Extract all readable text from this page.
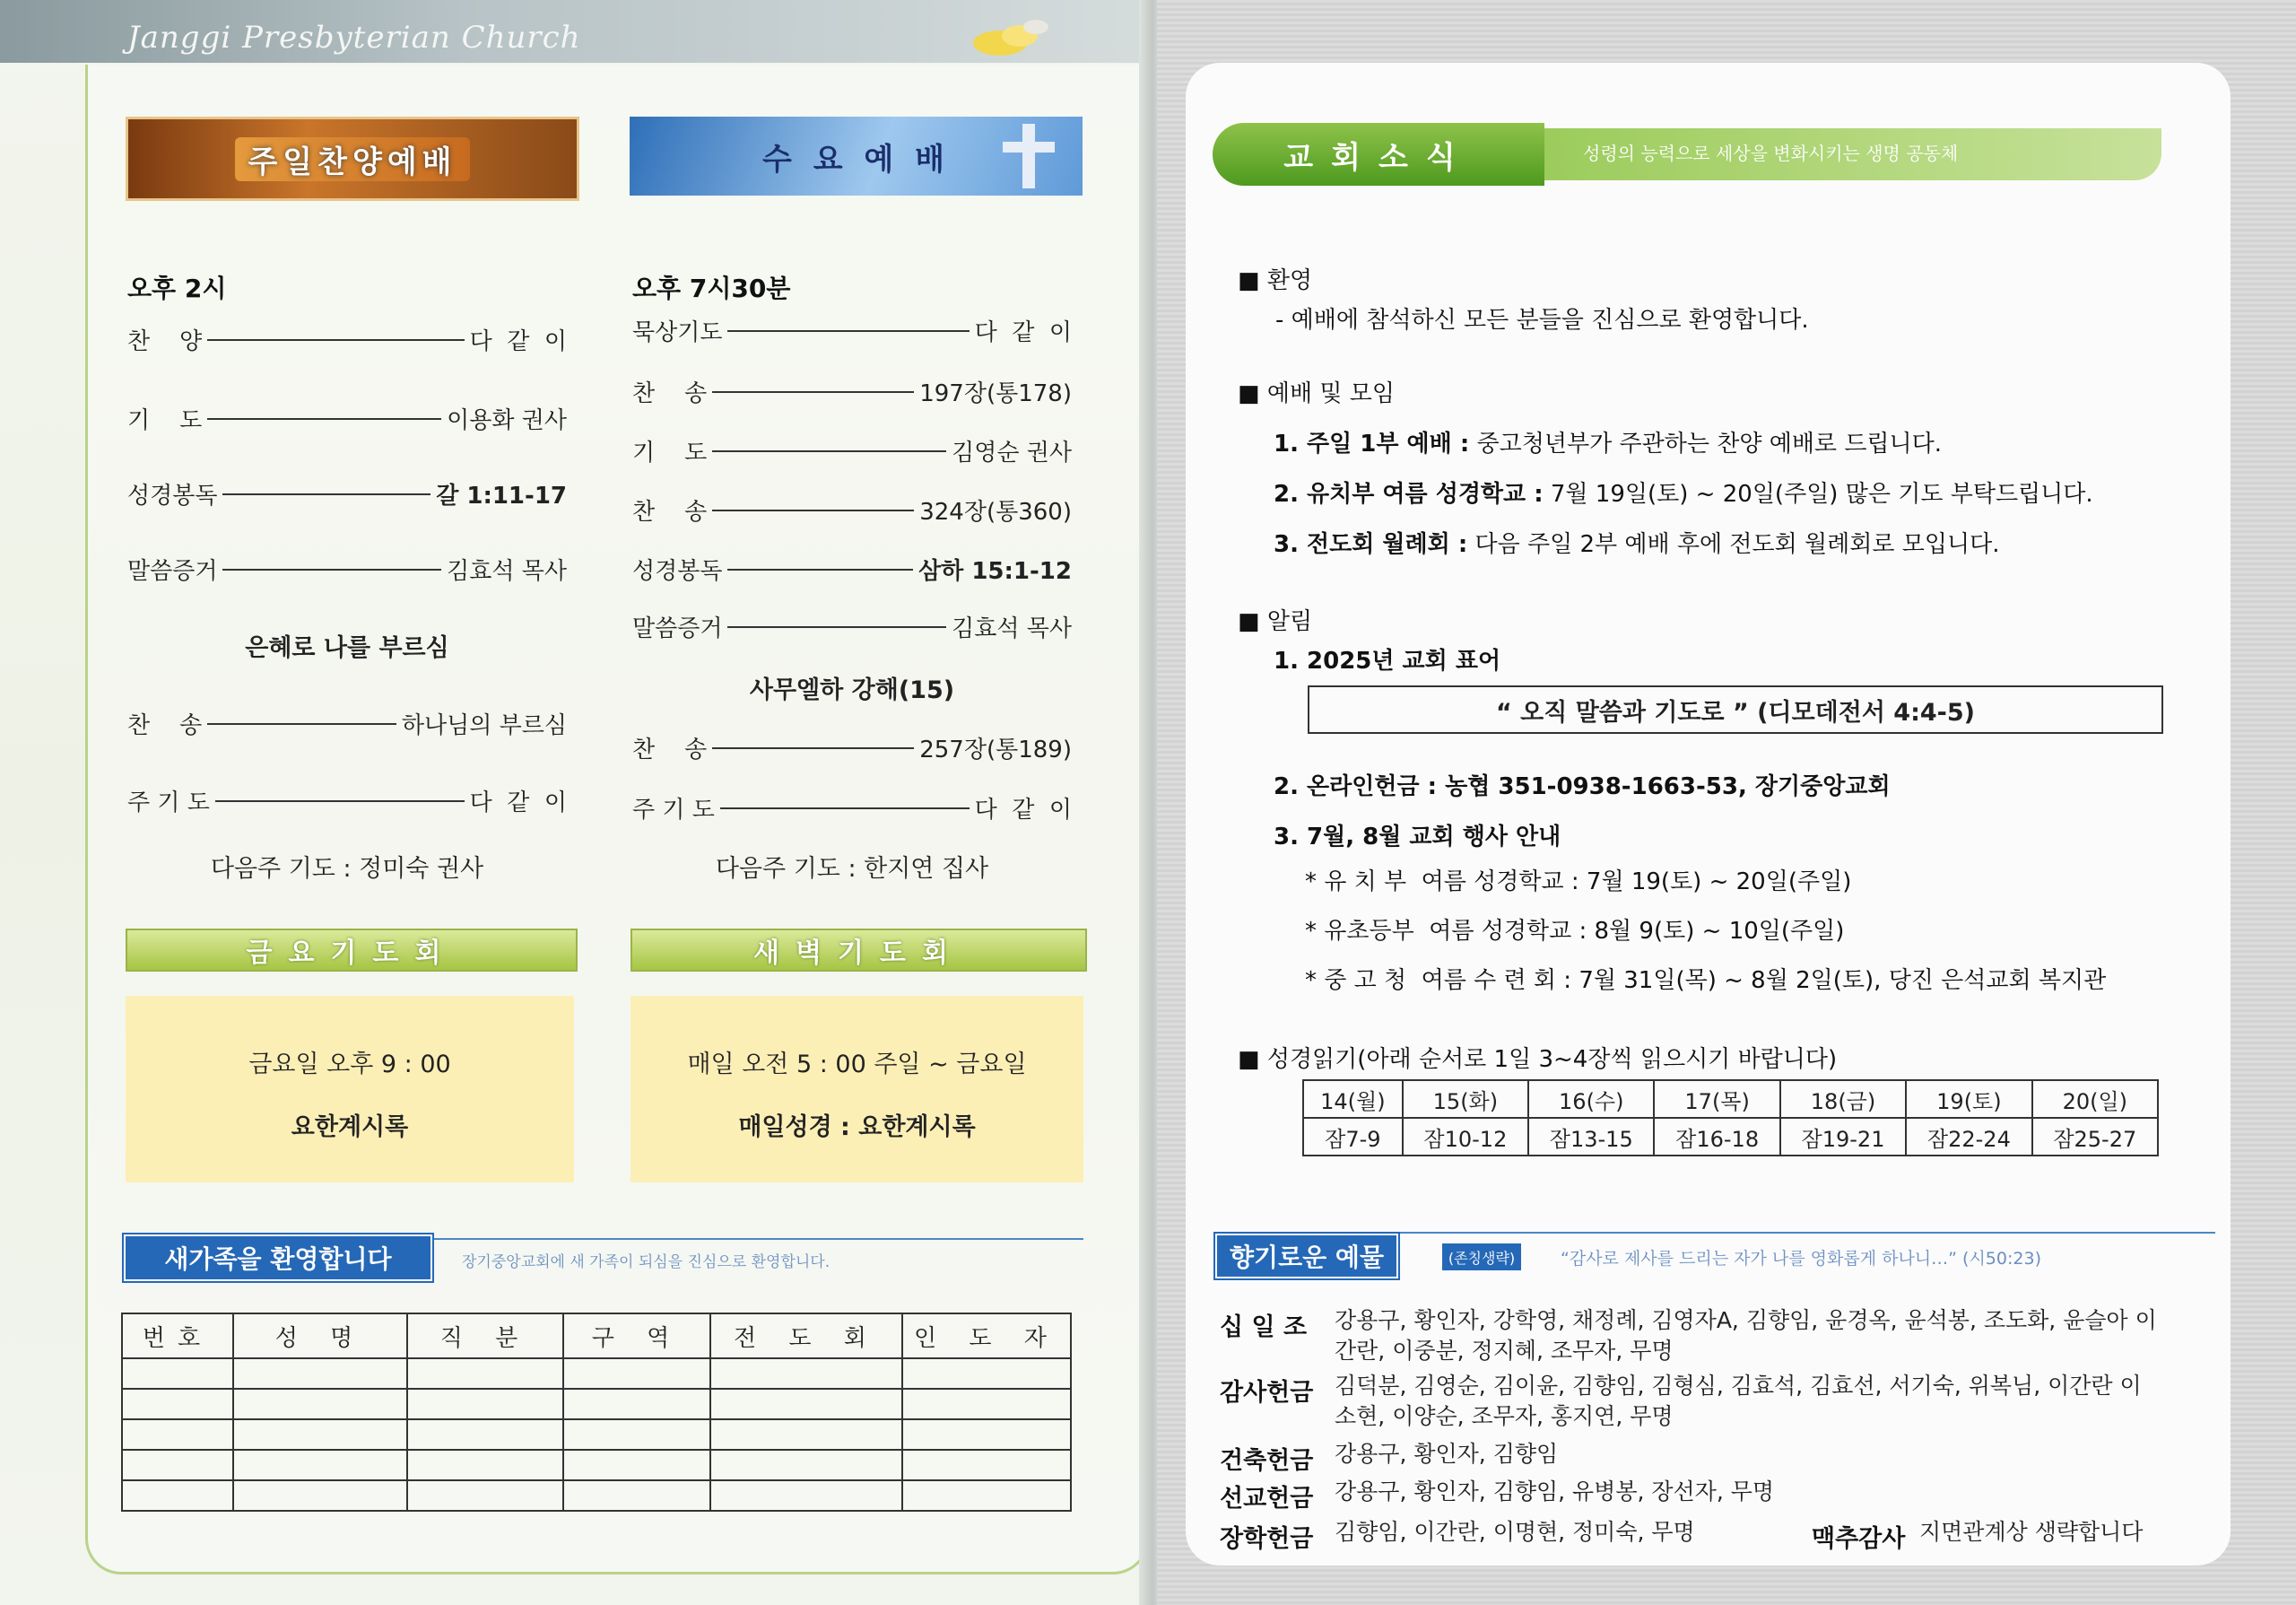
Janggi Presbyterian Church
주일찬양예배
오후 2시
찬    양	다  같  이
기    도	이용화 권사
성경봉독	갈 1:11-17
말씀증거	김효석 목사
은혜로 나를 부르심
찬    송	하나님의 부르심
주 기 도	다  같  이
다음주 기도 : 정미숙 권사
수 요 예 배
오후 7시30분
묵상기도	다  같  이
찬    송	197장(통178)
기    도	김영순 권사
찬    송	324장(통360)
성경봉독	삼하 15:1-12
말씀증거	김효석 목사
사무엘하 강해(15)
찬    송	257장(통189)
주 기 도	다  같  이
다음주 기도 : 한지연 집사
금요기도회
금요일 오후 9 : 00
요한계시록
새벽기도회
매일 오전 5 : 00 주일 ~ 금요일
매일성경 : 요한계시록
새가족을 환영합니다	장기중앙교회에 새 가족이 되심을 진심으로 환영합니다.
번호	성 명	직 분	구 역	전 도 회	인 도 자

교회소식	성령의 능력으로 세상을 변화시키는 생명 공동체
■ 환영
- 예배에 참석하신 모든 분들을 진심으로 환영합니다.
■ 예배 및 모임
1. 주일 1부 예배 : 중고청년부가 주관하는 찬양 예배로 드립니다.
2. 유치부 여름 성경학교 : 7월 19일(토) ~ 20일(주일) 많은 기도 부탁드립니다.
3. 전도회 월례회 : 다음 주일 2부 예배 후에 전도회 월례회로 모입니다.
■ 알림
1. 2025년 교회 표어
“ 오직 말씀과 기도로 ” (디모데전서 4:4-5)
2. 온라인헌금 : 농협 351-0938-1663-53, 장기중앙교회
3. 7월, 8월 교회 행사 안내
* 유 치 부  여름 성경학교 : 7월 19(토) ~ 20일(주일)
* 유초등부  여름 성경학교 : 8월 9(토) ~ 10일(주일)
* 중 고 청  여름 수 련 회 : 7월 31일(목) ~ 8월 2일(토), 당진 은석교회 복지관
■ 성경읽기(아래 순서로 1일 3~4장씩 읽으시기 바랍니다)
14(월)	15(화)	16(수)	17(목)	18(금)	19(토)	20(일)
잠7-9	잠10-12	잠13-15	잠16-18	잠19-21	잠22-24	잠25-27
향기로운 예물	(존칭생략)	“감사로 제사를 드리는 자가 나를 영화롭게 하나니…” (시50:23)
십 일 조 강용구, 황인자, 강학영, 채정례, 김영자A, 김향임, 윤경옥, 윤석봉, 조도화, 윤슬아 이간란, 이중분, 정지혜, 조무자, 무명
감사헌금 김덕분, 김영순, 김이윤, 김향임, 김형심, 김효석, 김효선, 서기숙, 위복님, 이간란 이소현, 이양순, 조무자, 홍지연, 무명
건축헌금 강용구, 황인자, 김향임
선교헌금 강용구, 황인자, 김향임, 유병봉, 장선자, 무명
장학헌금 김향임, 이간란, 이명현, 정미숙, 무명	맥추감사 지면관계상 생략합니다
